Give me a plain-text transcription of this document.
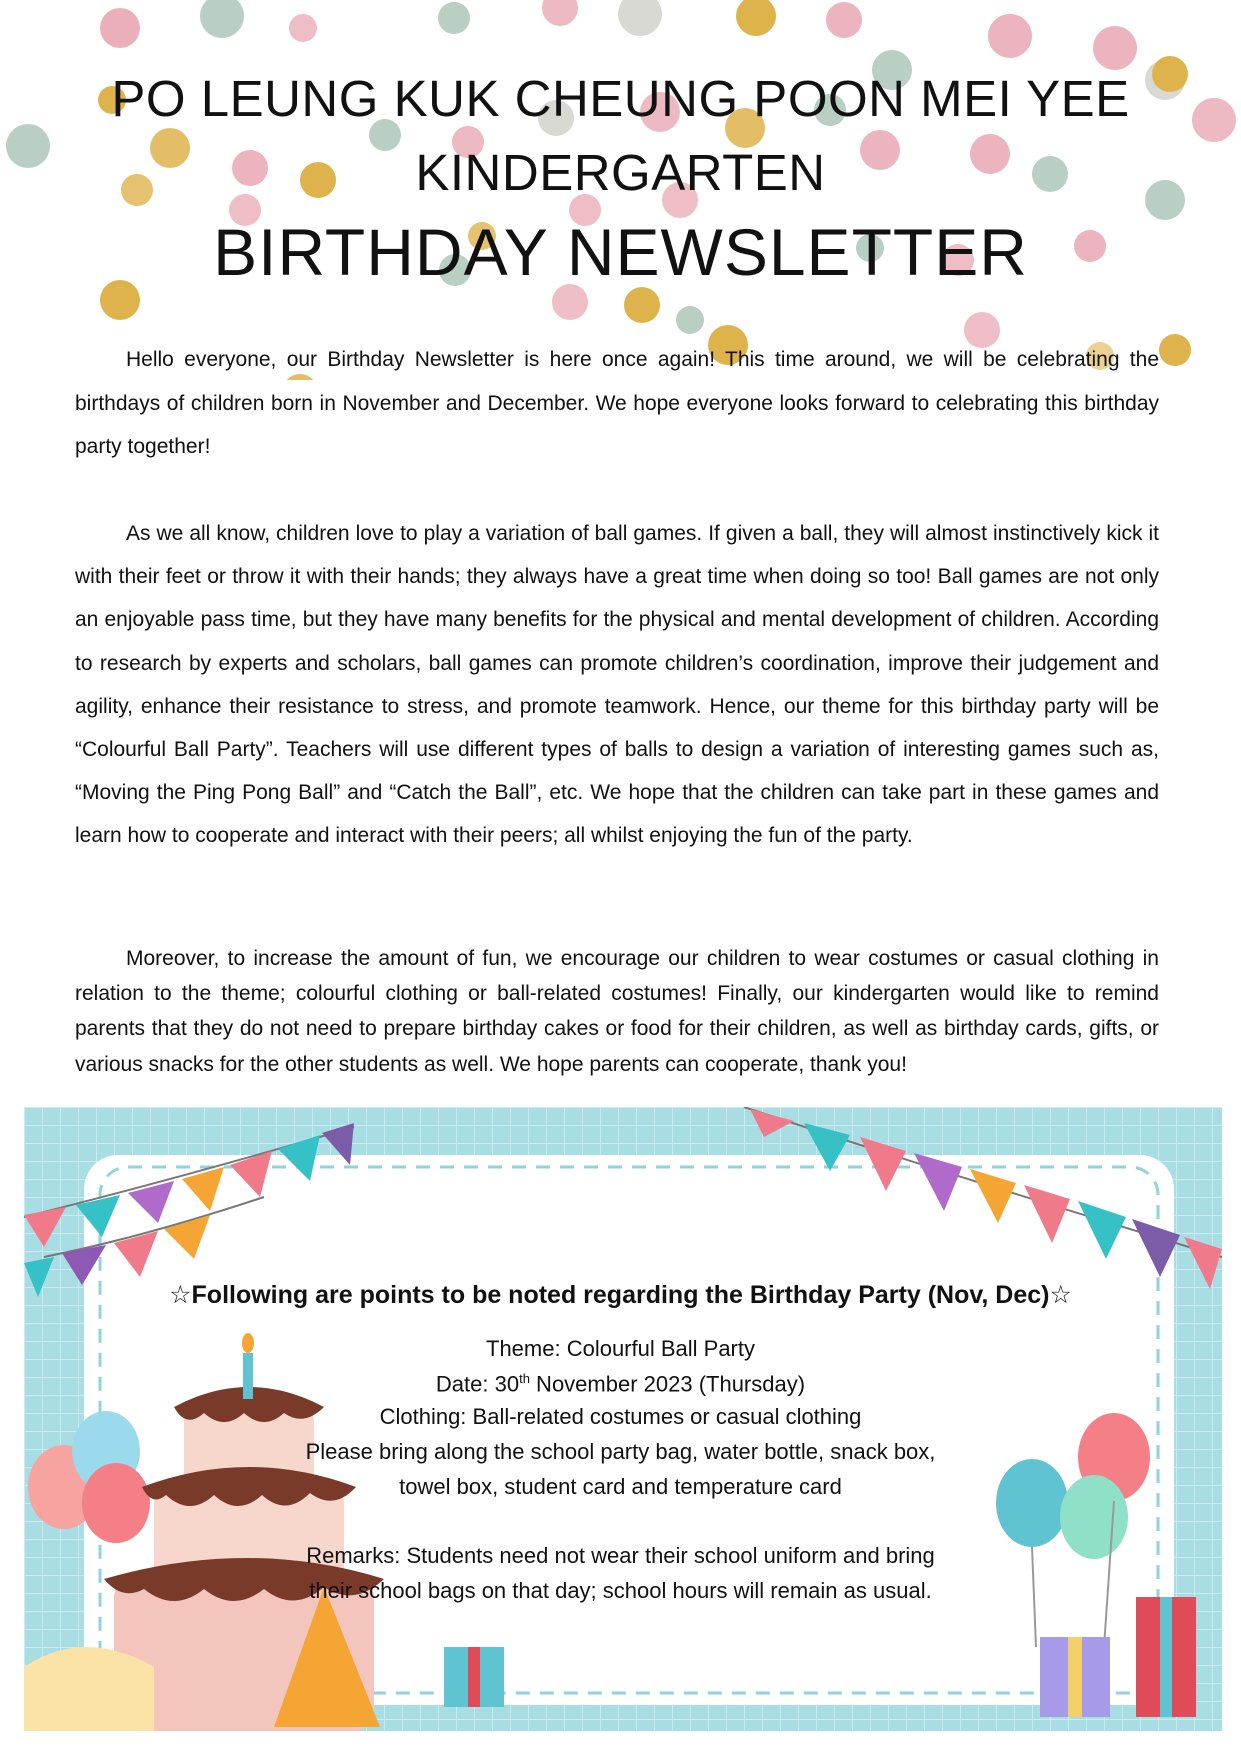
PO LEUNG KUK CHEUNG POON MEI YEE

KINDERGARTEN

BIRTHDAY NEWSLETTER

Hello everyone, our Birthday Newsletter is here once again! This time around, we will be celebrating the birthdays of children born in November and December. We hope everyone looks forward to celebrating this birthday party together!

As we all know, children love to play a variation of ball games. If given a ball, they will almost instinctively kick it with their feet or throw it with their hands; they always have a great time when doing so too! Ball games are not only an enjoyable pass time, but they have many benefits for the physical and mental development of children. According to research by experts and scholars, ball games can promote children’s coordination, improve their judgement and agility, enhance their resistance to stress, and promote teamwork. Hence, our theme for this birthday party will be “Colourful Ball Party”. Teachers will use different types of balls to design a variation of interesting games such as, “Moving the Ping Pong Ball” and “Catch the Ball”, etc. We hope that the children can take part in these games and learn how to cooperate and interact with their peers; all whilst enjoying the fun of the party.

Moreover, to increase the amount of fun, we encourage our children to wear costumes or casual clothing in relation to the theme; colourful clothing or ball-related costumes! Finally, our kindergarten would like to remind parents that they do not need to prepare birthday cakes or food for their children, as well as birthday cards, gifts, or various snacks for the other students as well. We hope parents can cooperate, thank you!

☆Following are points to be noted regarding the Birthday Party (Nov, Dec)☆

Theme: Colourful Ball Party

Date: 30th November 2023 (Thursday)

Clothing: Ball-related costumes or casual clothing

Please bring along the school party bag, water bottle, snack box,

towel box, student card and temperature card

Remarks: Students need not wear their school uniform and bring

their school bags on that day; school hours will remain as usual.
